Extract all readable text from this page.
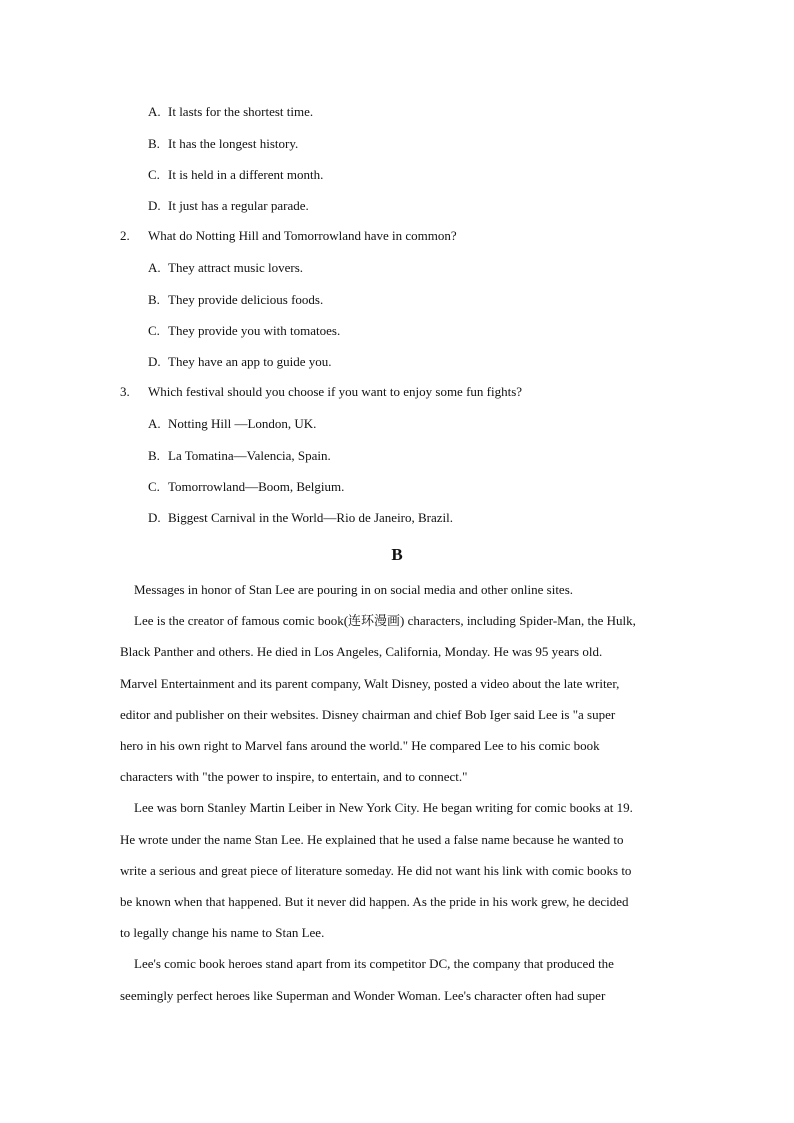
A. It lasts for the shortest time.
B. It has the longest history.
C. It is held in a different month.
D. It just has a regular parade.
2. What do Notting Hill and Tomorrowland have in common?
A. They attract music lovers.
B. They provide delicious foods.
C. They provide you with tomatoes.
D. They have an app to guide you.
3. Which festival should you choose if you want to enjoy some fun fights?
A. Notting Hill —London, UK.
B. La Tomatina—Valencia, Spain.
C. Tomorrowland—Boom, Belgium.
D. Biggest Carnival in the World—Rio de Janeiro, Brazil.
B
Messages in honor of Stan Lee are pouring in on social media and other online sites.
Lee is the creator of famous comic book(连环漫画) characters, including Spider-Man, the Hulk,
Black Panther and others. He died in Los Angeles, California, Monday. He was 95 years old.
Marvel Entertainment and its parent company, Walt Disney, posted a video about the late writer,
editor and publisher on their websites. Disney chairman and chief Bob Iger said Lee is "a super
hero in his own right to Marvel fans around the world." He compared Lee to his comic book
characters with "the power to inspire, to entertain, and to connect."
Lee was born Stanley Martin Leiber in New York City. He began writing for comic books at 19.
He wrote under the name Stan Lee. He explained that he used a false name because he wanted to
write a serious and great piece of literature someday. He did not want his link with comic books to
be known when that happened. But it never did happen. As the pride in his work grew, he decided
to legally change his name to Stan Lee.
Lee's comic book heroes stand apart from its competitor DC, the company that produced the
seemingly perfect heroes like Superman and Wonder Woman. Lee's character often had super
